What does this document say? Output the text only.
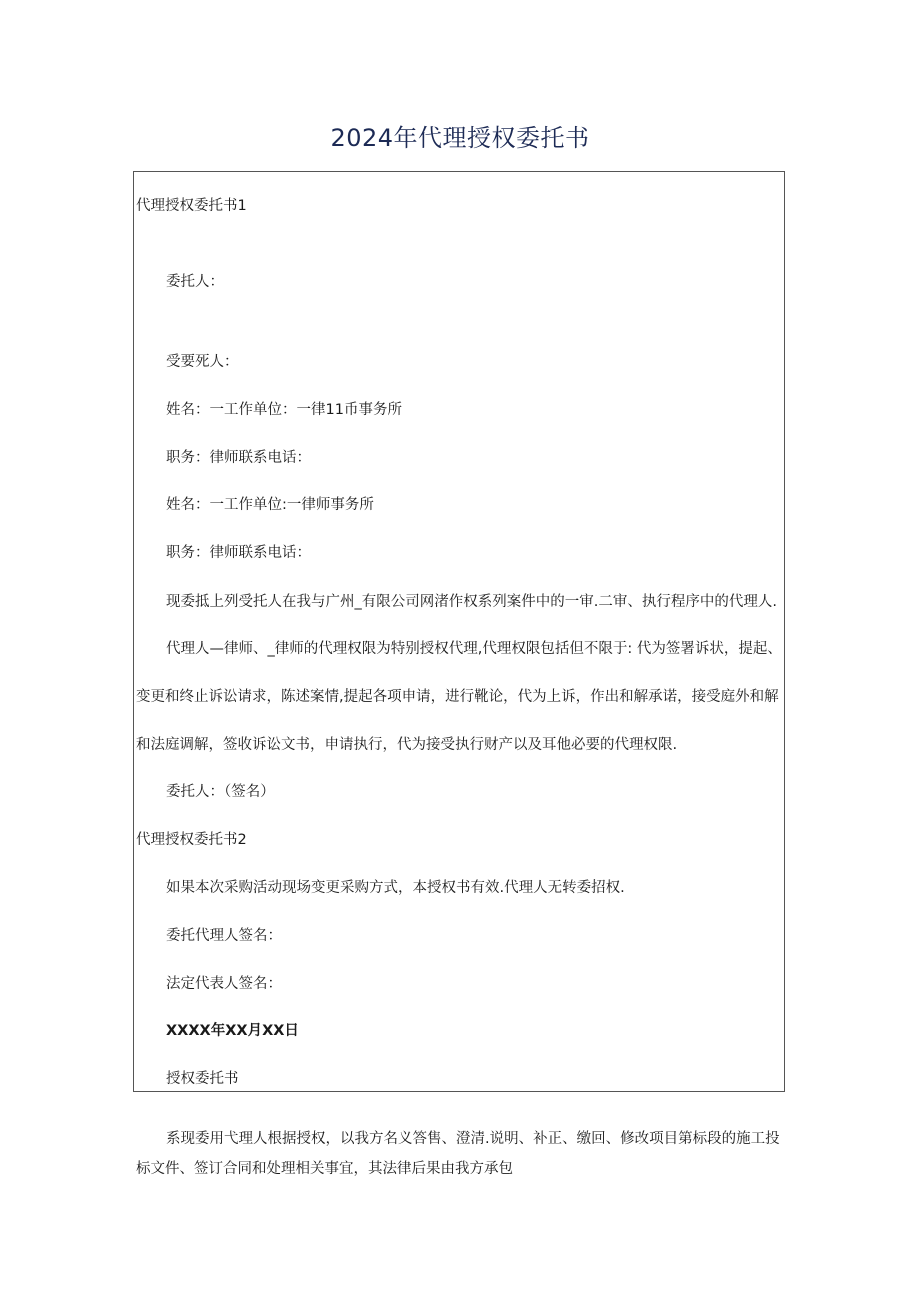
2024年代理授权委托书
代理授权委托书1
委托人：
受要死人：
姓名：一工作单位：一律11币事务所
职务：律师联系电话：
姓名：一工作单位:一律师事务所
职务：律师联系电话：
现委抵上列受托人在我与广州_有限公司网渚作权系列案件中的一审.二审、执行程序中的代理人.
代理人—律师、_律师的代理权限为特别授权代理,代理权限包括但不限于: 代为签署诉状，提起、
变更和终止诉讼请求，陈述案情,提起各项申请，进行靴论，代为上诉，作出和解承诺，接受庭外和解
和法庭调解，签收诉讼文书，申请执行，代为接受执行财产以及耳他必要的代理权限.
委托人：（签名）
代理授权委托书2
如果本次采购活动现场变更采购方式，本授权书有效.代理人无转委招权.
委托代理人签名：
法定代表人签名：
XXXX年XX月XX日
授权委托书
系现委用弋理人根据授权，以我方名义答售、澄清.说明、补正、缴回、修改项目第标段的施工投
标文件、签订合同和处理相关事宜，其法律后果由我方承包
